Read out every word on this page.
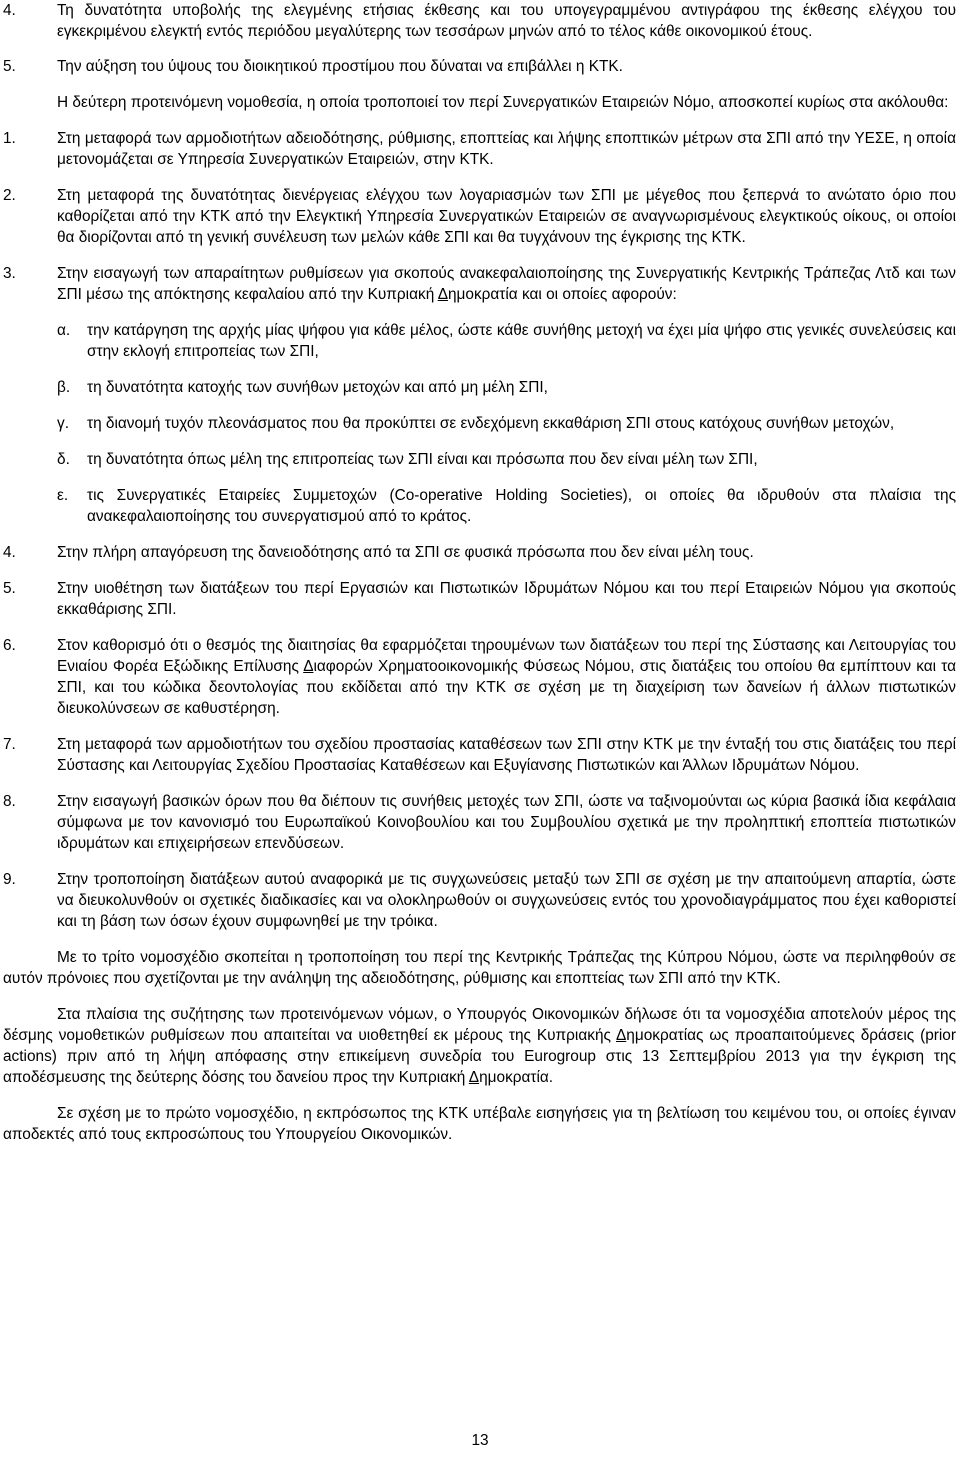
4.	Τη δυνατότητα υποβολής της ελεγμένης ετήσιας έκθεσης και του υπογεγραμμένου αντιγράφου της έκθεσης ελέγχου του εγκεκριμένου ελεγκτή εντός περιόδου μεγαλύτερης των τεσσάρων μηνών από το τέλος κάθε οικονομικού έτους.
5.	Την αύξηση του ύψους του διοικητικού προστίμου που δύναται να επιβάλλει η ΚΤΚ.

Η δεύτερη προτεινόμενη νομοθεσία, η οποία τροποποιεί τον περί Συνεργατικών Εταιρειών Νόμο, αποσκοπεί κυρίως στα ακόλουθα:

1.	Στη μεταφορά των αρμοδιοτήτων αδειοδότησης, ρύθμισης, εποπτείας και λήψης εποπτικών μέτρων στα ΣΠΙ από την ΥΕΣΕ, η οποία μετονομάζεται σε Υπηρεσία Συνεργατικών Εταιρειών, στην ΚΤΚ.
2.	Στη μεταφορά της δυνατότητας διενέργειας ελέγχου των λογαριασμών των ΣΠΙ με μέγεθος που ξεπερνά το ανώτατο όριο που καθορίζεται από την ΚΤΚ από την Ελεγκτική Υπηρεσία Συνεργατικών Εταιρειών σε αναγνωρισμένους ελεγκτικούς οίκους, οι οποίοι θα διορίζονται από τη γενική συνέλευση των μελών κάθε ΣΠΙ και θα τυγχάνουν της έγκρισης της ΚΤΚ.
3.	Στην εισαγωγή των απαραίτητων ρυθμίσεων για σκοπούς ανακεφαλαιοποίησης της Συνεργατικής Κεντρικής Τράπεζας Λτδ και των ΣΠΙ μέσω της απόκτησης κεφαλαίου από την Κυπριακή Δημοκρατία και οι οποίες αφορούν:
α.	την κατάργηση της αρχής μίας ψήφου για κάθε μέλος, ώστε κάθε συνήθης μετοχή να έχει μία ψήφο στις γενικές συνελεύσεις και στην εκλογή επιτροπείας των ΣΠΙ,
β.	τη δυνατότητα κατοχής των συνήθων μετοχών και από μη μέλη ΣΠΙ,
γ.	τη διανομή τυχόν πλεονάσματος που θα προκύπτει σε ενδεχόμενη εκκαθάριση ΣΠΙ στους κατόχους συνήθων μετοχών,
δ.	τη δυνατότητα όπως μέλη της επιτροπείας των ΣΠΙ είναι και πρόσωπα που δεν είναι μέλη των ΣΠΙ,
ε.	τις Συνεργατικές Εταιρείες Συμμετοχών (Co-operative Holding Societies), οι οποίες θα ιδρυθούν στα πλαίσια της ανακεφαλαιοποίησης του συνεργατισμού από το κράτος.
4.	Στην πλήρη απαγόρευση της δανειοδότησης από τα ΣΠΙ σε φυσικά πρόσωπα που δεν είναι μέλη τους.
5.	Στην υιοθέτηση των διατάξεων του περί Εργασιών και Πιστωτικών Ιδρυμάτων Νόμου και του περί Εταιρειών Νόμου για σκοπούς εκκαθάρισης ΣΠΙ.
6.	Στον καθορισμό ότι ο θεσμός της διαιτησίας θα εφαρμόζεται τηρουμένων των διατάξεων του περί της Σύστασης και Λειτουργίας του Ενιαίου Φορέα Εξώδικης Επίλυσης Διαφορών Χρηματοοικονομικής Φύσεως Νόμου, στις διατάξεις του οποίου θα εμπίπτουν και τα ΣΠΙ, και του κώδικα δεοντολογίας που εκδίδεται από την ΚΤΚ σε σχέση με τη διαχείριση των δανείων ή άλλων πιστωτικών διευκολύνσεων σε καθυστέρηση.
7.	Στη μεταφορά των αρμοδιοτήτων του σχεδίου προστασίας καταθέσεων των ΣΠΙ στην ΚΤΚ με την ένταξή του στις διατάξεις του περί Σύστασης και Λειτουργίας Σχεδίου Προστασίας Καταθέσεων και Εξυγίανσης Πιστωτικών και Άλλων Ιδρυμάτων Νόμου.
8.	Στην εισαγωγή βασικών όρων που θα διέπουν τις συνήθεις μετοχές των ΣΠΙ, ώστε να ταξινομούνται ως κύρια βασικά ίδια κεφάλαια σύμφωνα με τον κανονισμό του Ευρωπαϊκού Κοινοβουλίου και του Συμβουλίου σχετικά με την προληπτική εποπτεία πιστωτικών ιδρυμάτων και επιχειρήσεων επενδύσεων.
9.	Στην τροποποίηση διατάξεων αυτού αναφορικά με τις συγχωνεύσεις μεταξύ των ΣΠΙ σε σχέση με την απαιτούμενη απαρτία, ώστε να διευκολυνθούν οι σχετικές διαδικασίες και να ολοκληρωθούν οι συγχωνεύσεις εντός του χρονοδιαγράμματος που έχει καθοριστεί και τη βάση των όσων έχουν συμφωνηθεί με την τρόικα.

Με το τρίτο νομοσχέδιο σκοπείται η τροποποίηση του περί της Κεντρικής Τράπεζας της Κύπρου Νόμου, ώστε να περιληφθούν σε αυτόν πρόνοιες που σχετίζονται με την ανάληψη της αδειοδότησης, ρύθμισης και εποπτείας των ΣΠΙ από την ΚΤΚ.

Στα πλαίσια της συζήτησης των προτεινόμενων νόμων, ο Υπουργός Οικονομικών δήλωσε ότι τα νομοσχέδια αποτελούν μέρος της δέσμης νομοθετικών ρυθμίσεων που απαιτείται να υιοθετηθεί εκ μέρους της Κυπριακής Δημοκρατίας ως προαπαιτούμενες δράσεις (prior actions) πριν από τη λήψη απόφασης στην επικείμενη συνεδρία του Eurogroup στις 13 Σεπτεμβρίου 2013 για την έγκριση της αποδέσμευσης της δεύτερης δόσης του δανείου προς την Κυπριακή Δημοκρατία.

Σε σχέση με το πρώτο νομοσχέδιο, η εκπρόσωπος της ΚΤΚ υπέβαλε εισηγήσεις για τη βελτίωση του κειμένου του, οι οποίες έγιναν αποδεκτές από τους εκπροσώπους του Υπουργείου Οικονομικών.

13
